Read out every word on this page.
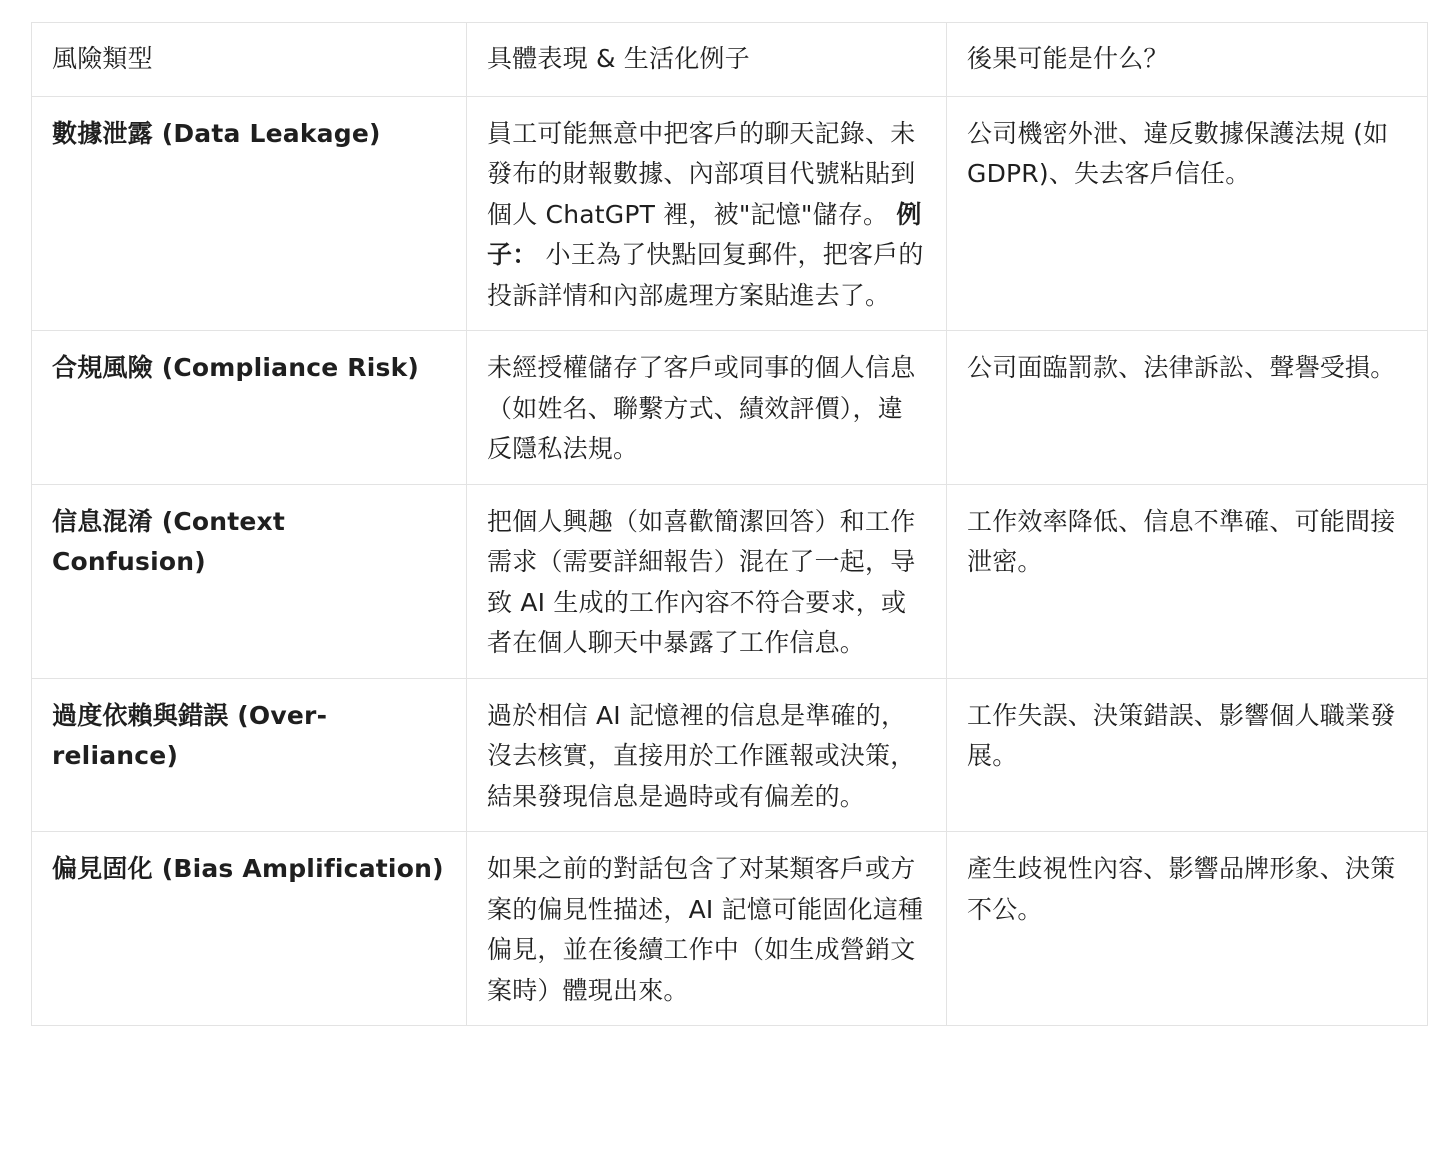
風險類型	具體表現 & 生活化例子	後果可能是什么？
數據泄露 (Data Leakage)	員工可能無意中把客戶的聊天記錄、未發布的財報數據、內部項目代號粘貼到個人 ChatGPT 裡，被"記憶"儲存。 例子： 小王為了快點回复郵件，把客戶的投訴詳情和內部處理方案貼進去了。	公司機密外泄、違反數據保護法規 (如 GDPR)、失去客戶信任。
合規風險 (Compliance Risk)	未經授權儲存了客戶或同事的個人信息（如姓名、聯繫方式、績效評價），違反隱私法規。	公司面臨罰款、法律訴訟、聲譽受損。
信息混淆 (Context Confusion)	把個人興趣（如喜歡簡潔回答）和工作需求（需要詳細報告）混在了一起，导致 AI 生成的工作內容不符合要求，或者在個人聊天中暴露了工作信息。	工作效率降低、信息不準確、可能間接泄密。
過度依賴與錯誤 (Over-reliance)	過於相信 AI 記憶裡的信息是準確的，沒去核實，直接用於工作匯報或決策，結果發現信息是過時或有偏差的。	工作失誤、決策錯誤、影響個人職業發展。
偏見固化 (Bias Amplification)	如果之前的對話包含了对某類客戶或方案的偏見性描述，AI 記憶可能固化這種偏見，並在後續工作中（如生成營銷文案時）體現出來。	產生歧視性內容、影響品牌形象、決策不公。
